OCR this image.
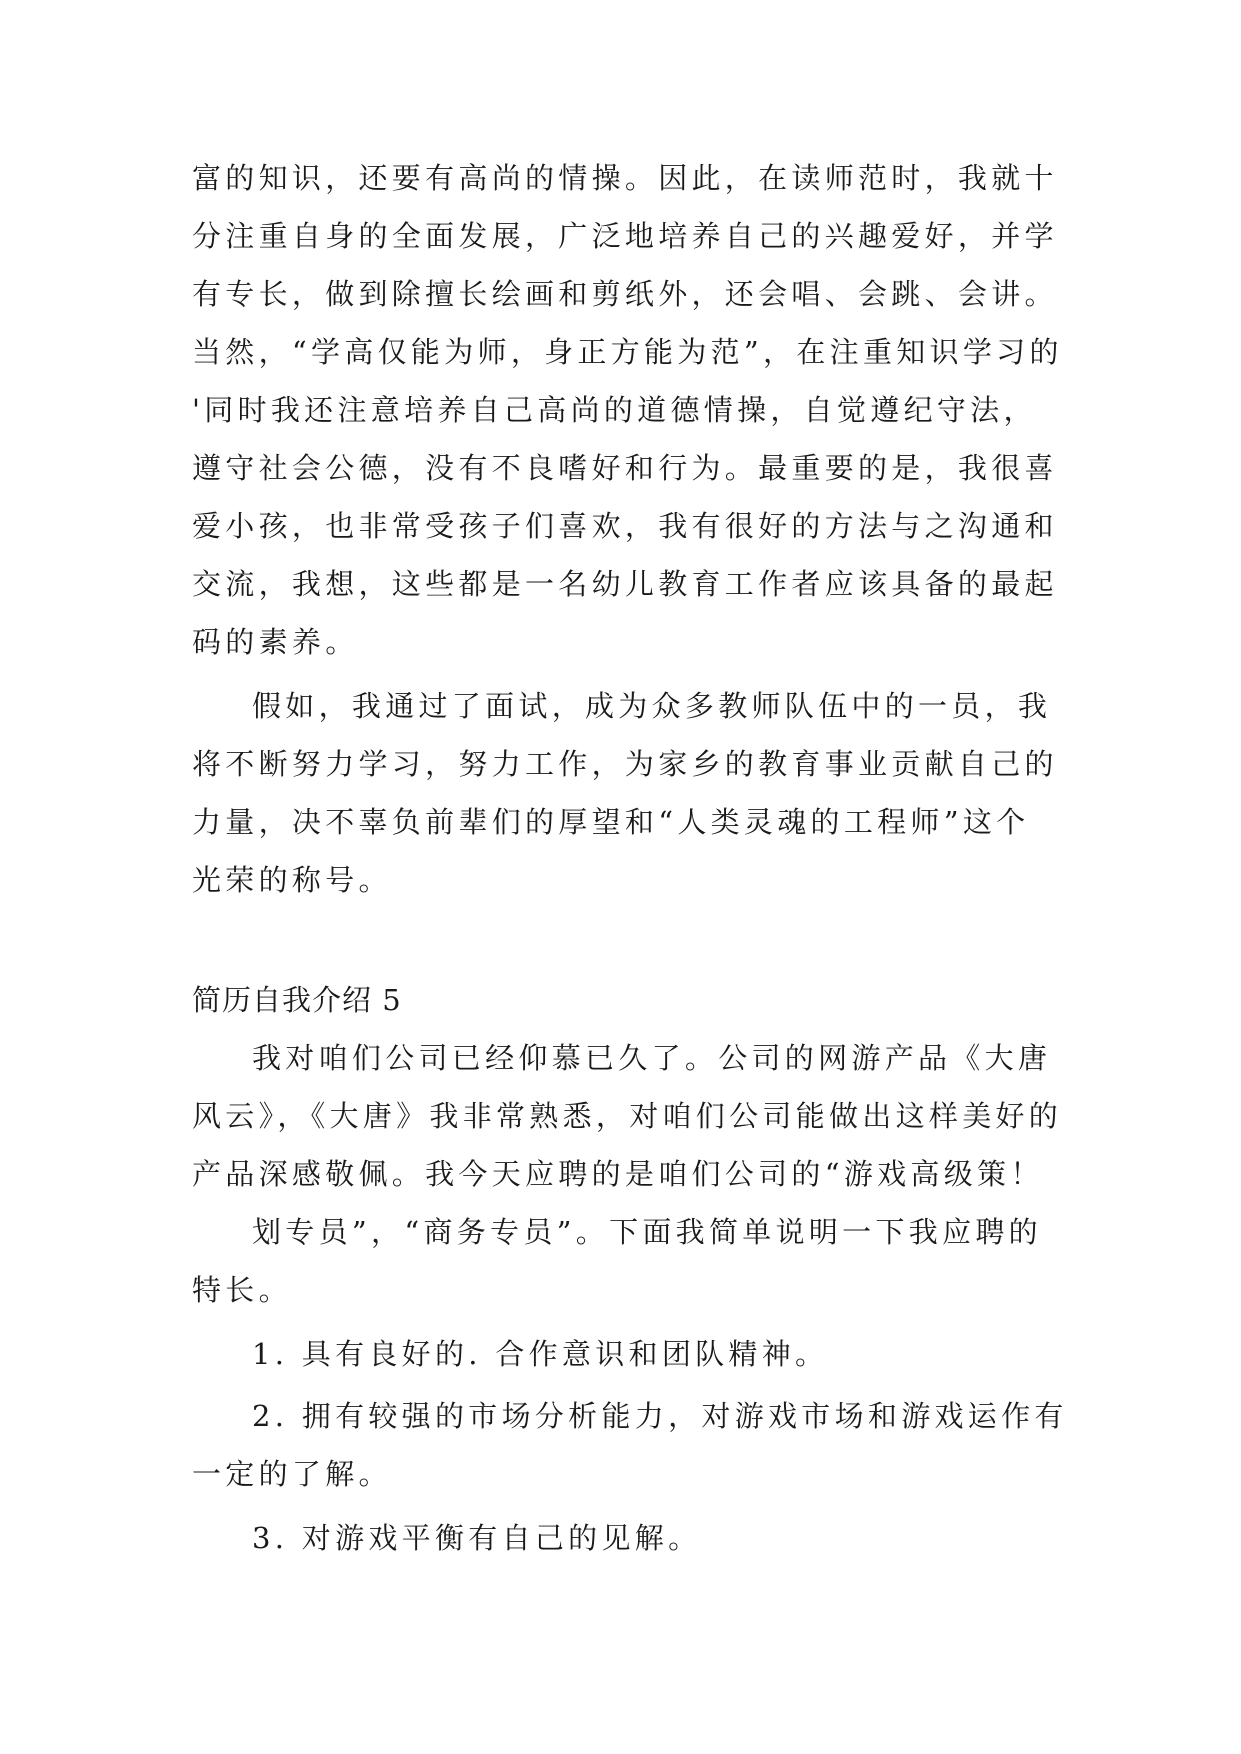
富的知识，还要有高尚的情操。因此，在读师范时，我就十
分注重自身的全面发展，广泛地培养自己的兴趣爱好，并学
有专长，做到除擅长绘画和剪纸外，还会唱、会跳、会讲。
当然，“学高仅能为师，身正方能为范”，在注重知识学习的
'同时我还注意培养自己高尚的道德情操，自觉遵纪守法，
遵守社会公德，没有不良嗜好和行为。最重要的是，我很喜
爱小孩，也非常受孩子们喜欢，我有很好的方法与之沟通和
交流，我想，这些都是一名幼儿教育工作者应该具备的最起
码的素养。
假如，我通过了面试，成为众多教师队伍中的一员，我
将不断努力学习，努力工作，为家乡的教育事业贡献自己的
力量，决不辜负前辈们的厚望和“人类灵魂的工程师”这个
光荣的称号。
简历自我介绍 5
我对咱们公司已经仰慕已久了。公司的网游产品《大唐
风云》，《大唐》我非常熟悉，对咱们公司能做出这样美好的
产品深感敬佩。我今天应聘的是咱们公司的“游戏高级策！
划专员”，“商务专员”。下面我简单说明一下我应聘的
特长。
1. 具有良好的. 合作意识和团队精神。
2. 拥有较强的市场分析能力，对游戏市场和游戏运作有
一定的了解。
3. 对游戏平衡有自己的见解。
